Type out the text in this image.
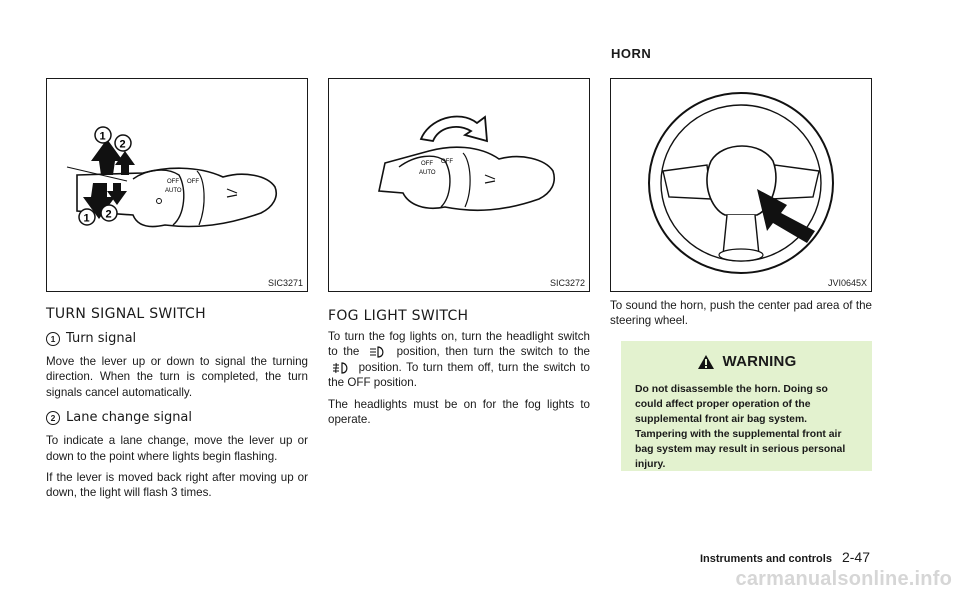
HORN
OFF
AUTO
OFF
1
2
1 2
SIC3271
OFF
AUTO
OFF
SIC3272	JVI0645X
TURN SIGNAL SWITCH
1 Turn signal

Move the lever up or down to signal the turning direction. When the turn is completed, the turn signals cancel automatically.

2 Lane change signal

To indicate a lane change, move the lever up or down to the point where lights begin flashing.

If the lever is moved back right after moving up or down, the light will flash 3 times.

FOG LIGHT SWITCH

To turn the fog lights on, turn the headlight switch to the	position, then turn the switch to the  position. To turn them off, turn the switch to the OFF position.

The headlights must be on for the fog lights to operate.

To sound the horn, push the center pad area of the steering wheel.

WARNING

Do not disassemble the horn. Doing so could affect proper operation of the supplemental front air bag system. Tampering with the supplemental front air bag system may result in serious personal injury.

Instruments and controls 2-47
carmanualsonline.info
